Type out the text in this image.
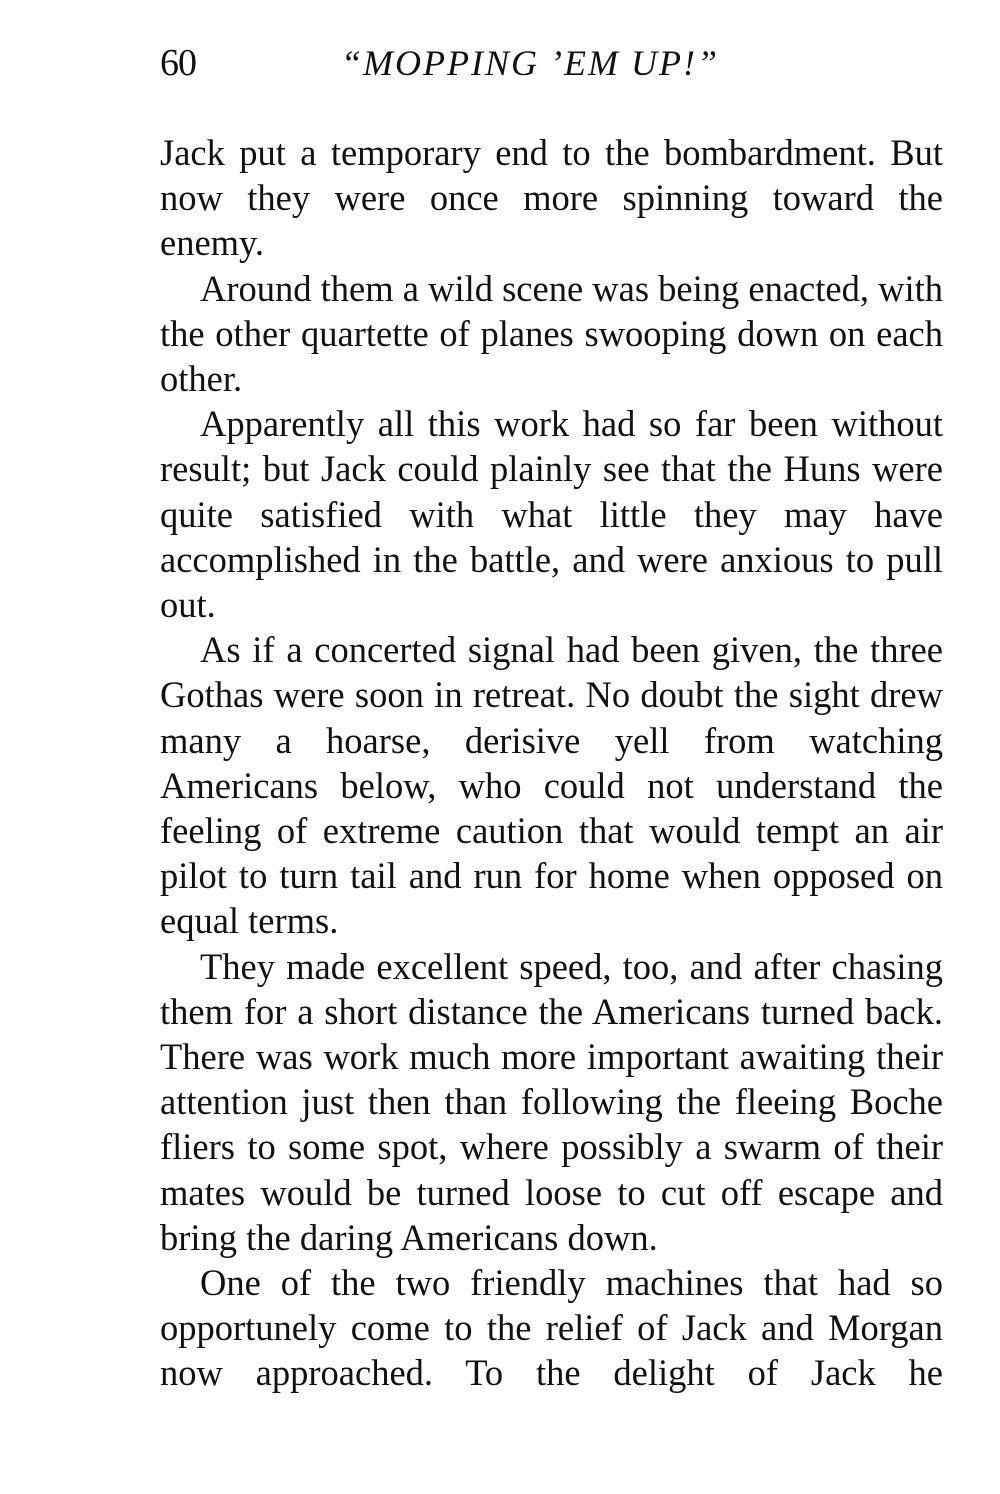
60	“MOPPING ’EM UP!”

Jack put a temporary end to the bombardment. But now they were once more spinning toward the enemy.

Around them a wild scene was being enacted, with the other quartette of planes swooping down on each other.

Apparently all this work had so far been without result; but Jack could plainly see that the Huns were quite satisfied with what little they may have accomplished in the battle, and were anxious to pull out.

As if a concerted signal had been given, the three Gothas were soon in retreat. No doubt the sight drew many a hoarse, derisive yell from watching Americans below, who could not understand the feeling of extreme caution that would tempt an air pilot to turn tail and run for home when opposed on equal terms.

They made excellent speed, too, and after chasing them for a short distance the Americans turned back. There was work much more important awaiting their attention just then than following the fleeing Boche fliers to some spot, where possibly a swarm of their mates would be turned loose to cut off escape and bring the daring Americans down.

One of the two friendly machines that had so opportunely come to the relief of Jack and Morgan now approached. To the delight of Jack he
